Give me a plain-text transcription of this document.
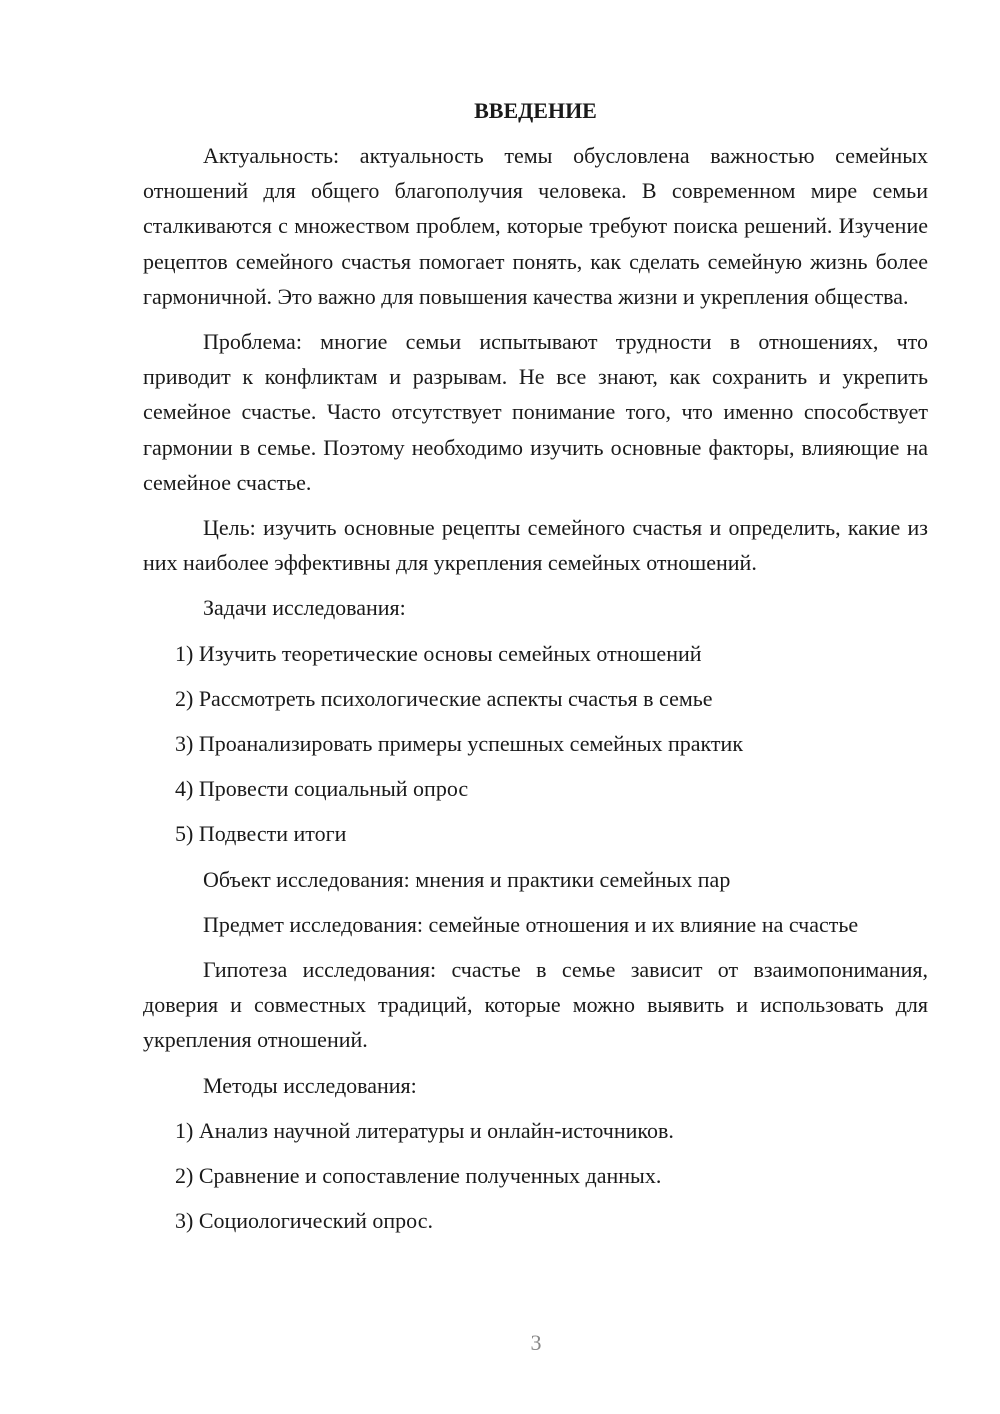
ВВЕДЕНИЕ

Актуальность: актуальность темы обусловлена важностью семейных отношений для общего благополучия человека. В современном мире семьи сталкиваются с множеством проблем, которые требуют поиска решений. Изучение рецептов семейного счастья помогает понять, как сделать семейную жизнь более гармоничной. Это важно для повышения качества жизни и укрепления общества.

Проблема: многие семьи испытывают трудности в отношениях, что приводит к конфликтам и разрывам. Не все знают, как сохранить и укрепить семейное счастье. Часто отсутствует понимание того, что именно способствует гармонии в семье. Поэтому необходимо изучить основные факторы, влияющие на семейное счастье.

Цель: изучить основные рецепты семейного счастья и определить, какие из них наиболее эффективны для укрепления семейных отношений.

Задачи исследования:

1) Изучить теоретические основы семейных отношений

2) Рассмотреть психологические аспекты счастья в семье

3) Проанализировать примеры успешных семейных практик

4) Провести социальный опрос

5) Подвести итоги

Объект исследования: мнения и практики семейных пар

Предмет исследования: семейные отношения и их влияние на счастье

Гипотеза исследования: счастье в семье зависит от взаимопонимания, доверия и совместных традиций, которые можно выявить и использовать для укрепления отношений.

Методы исследования:

1) Анализ научной литературы и онлайн-источников.

2) Сравнение и сопоставление полученных данных.

3) Социологический опрос.

3
